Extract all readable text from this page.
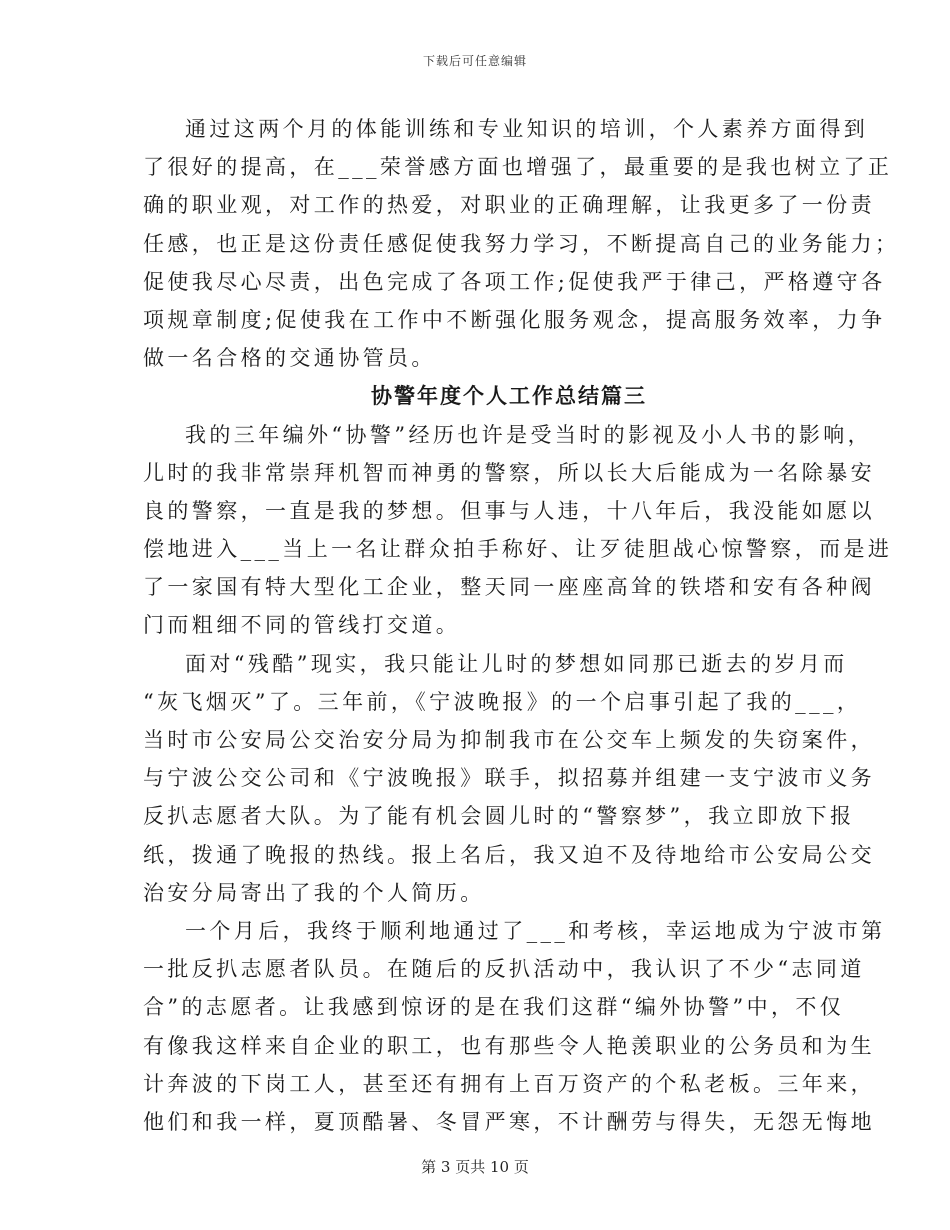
下载后可任意编辑
通过这两个月的体能训练和专业知识的培训，个人素养方面得到
了很好的提高，在___荣誉感方面也增强了，最重要的是我也树立了正
确的职业观，对工作的热爱，对职业的正确理解，让我更多了一份责
任感，也正是这份责任感促使我努力学习，不断提高自己的业务能力；
促使我尽心尽责，出色完成了各项工作;促使我严于律己，严格遵守各
项规章制度;促使我在工作中不断强化服务观念，提高服务效率，力争
做一名合格的交通协管员。
协警年度个人工作总结篇三
我的三年编外“协警”经历也许是受当时的影视及小人书的影响，
儿时的我非常崇拜机智而神勇的警察，所以长大后能成为一名除暴安
良的警察，一直是我的梦想。但事与人违，十八年后，我没能如愿以
偿地进入___当上一名让群众拍手称好、让歹徒胆战心惊警察，而是进
了一家国有特大型化工企业，整天同一座座高耸的铁塔和安有各种阀
门而粗细不同的管线打交道。
面对“残酷”现实，我只能让儿时的梦想如同那已逝去的岁月而
“灰飞烟灭”了。三年前，《宁波晚报》的一个启事引起了我的___，
当时市公安局公交治安分局为抑制我市在公交车上频发的失窃案件，
与宁波公交公司和《宁波晚报》联手，拟招募并组建一支宁波市义务
反扒志愿者大队。为了能有机会圆儿时的“警察梦”，我立即放下报
纸，拨通了晚报的热线。报上名后，我又迫不及待地给市公安局公交
治安分局寄出了我的个人简历。
一个月后，我终于顺利地通过了___和考核，幸运地成为宁波市第
一批反扒志愿者队员。在随后的反扒活动中，我认识了不少“志同道
合”的志愿者。让我感到惊讶的是在我们这群“编外协警”中，不仅
有像我这样来自企业的职工，也有那些令人艳羡职业的公务员和为生
计奔波的下岗工人，甚至还有拥有上百万资产的个私老板。三年来，
他们和我一样，夏顶酷暑、冬冒严寒，不计酬劳与得失，无怨无悔地
第 3 页共 10 页
